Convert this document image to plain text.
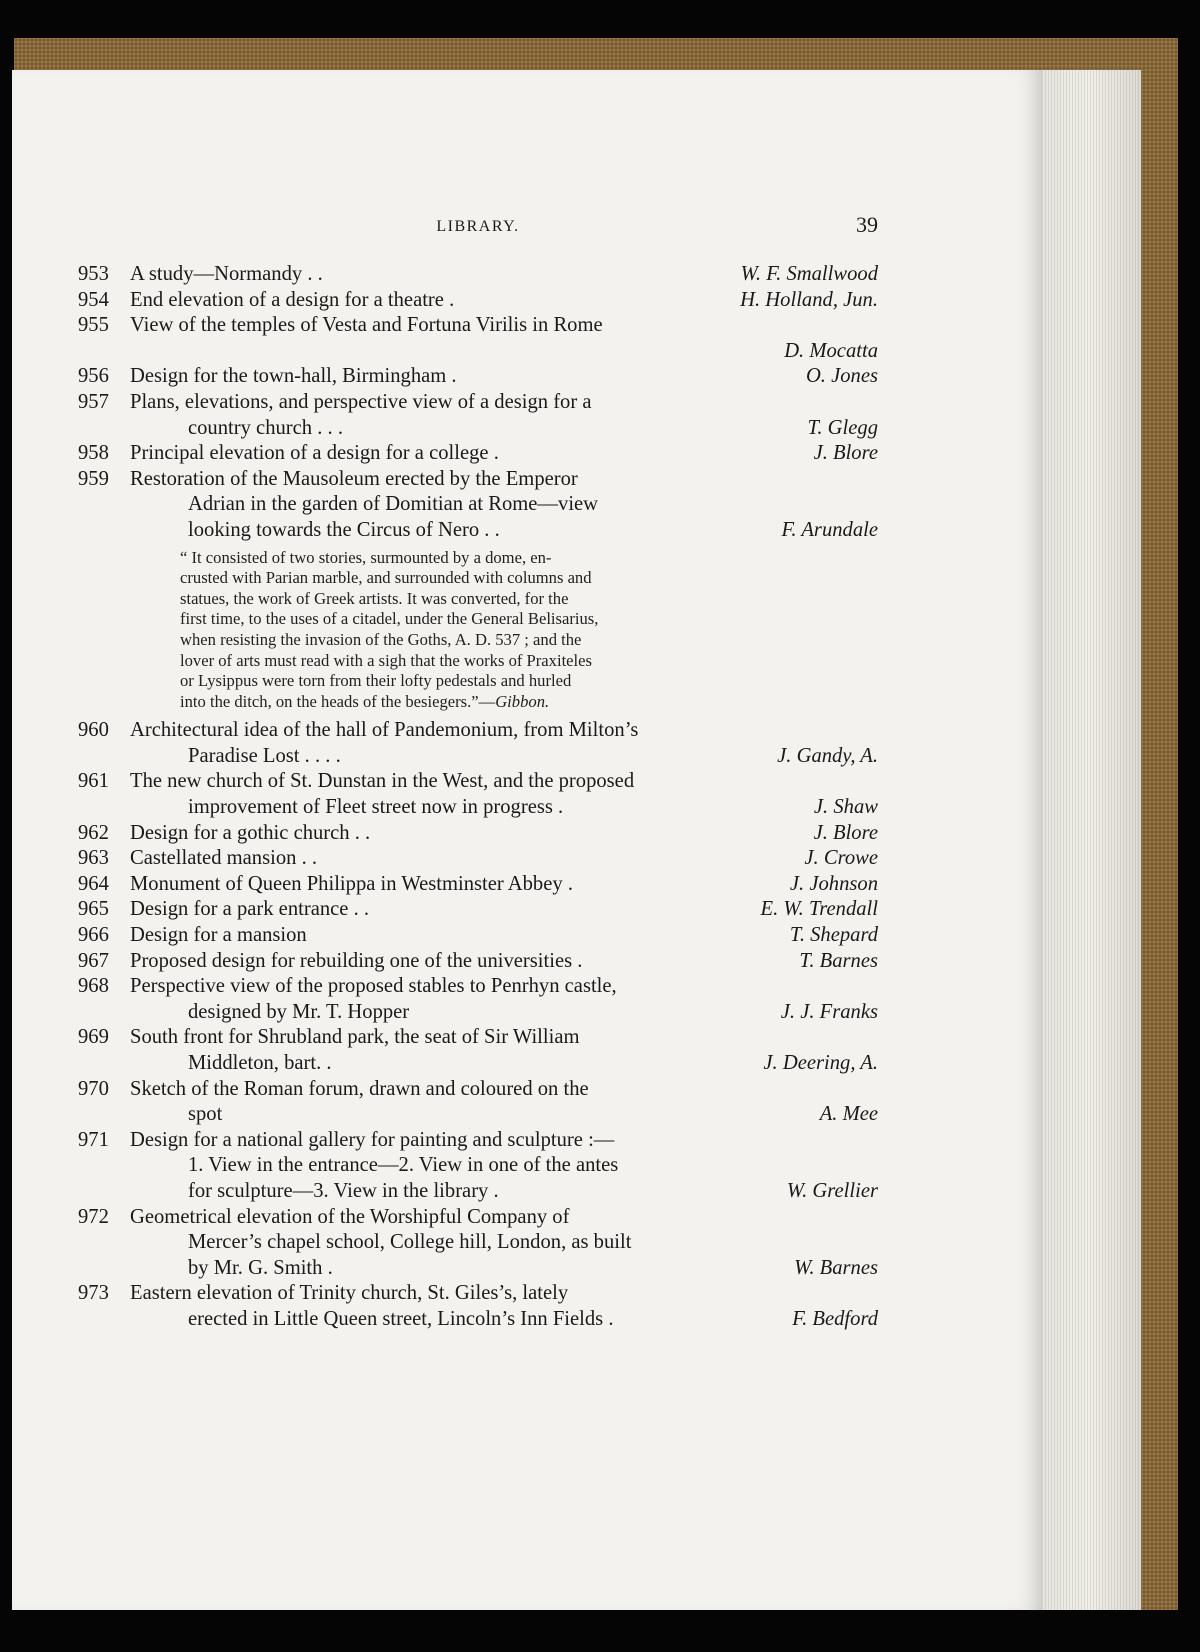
LIBRARY.	39
953	A study—Normandy . .	W. F. Smallwood
954	End elevation of a design for a theatre .	H. Holland, Jun.
955	View of the temples of Vesta and Fortuna Virilis in Rome
D. Mocatta
956	Design for the town-hall, Birmingham .	O. Jones
957	Plans, elevations, and perspective view of a design for a
country church . . .	T. Glegg
958	Principal elevation of a design for a college .	J. Blore
959	Restoration of the Mausoleum erected by the Emperor
Adrian in the garden of Domitian at Rome—view
looking towards the Circus of Nero . .	F. Arundale
“ It consisted of two stories, surmounted by a dome, en-
crusted with Parian marble, and surrounded with columns and
statues, the work of Greek artists. It was converted, for the
first time, to the uses of a citadel, under the General Belisarius,
when resisting the invasion of the Goths, A. D. 537 ; and the
lover of arts must read with a sigh that the works of Praxiteles
or Lysippus were torn from their lofty pedestals and hurled
into the ditch, on the heads of the besiegers.”—Gibbon.
960	Architectural idea of the hall of Pandemonium, from Milton’s
Paradise Lost . . . .	J. Gandy, A.
961	The new church of St. Dunstan in the West, and the proposed
improvement of Fleet street now in progress .	J. Shaw
962	Design for a gothic church . .	J. Blore
963	Castellated mansion . .	J. Crowe
964	Monument of Queen Philippa in Westminster Abbey .	J. Johnson
965	Design for a park entrance . .	E. W. Trendall
966	Design for a mansion	T. Shepard
967	Proposed design for rebuilding one of the universities .	T. Barnes
968	Perspective view of the proposed stables to Penrhyn castle,
designed by Mr. T. Hopper	J. J. Franks
969	South front for Shrubland park, the seat of Sir William
Middleton, bart. .	J. Deering, A.
970	Sketch of the Roman forum, drawn and coloured on the
spot	A. Mee
971	Design for a national gallery for painting and sculpture :—
1. View in the entrance—2. View in one of the antes
for sculpture—3. View in the library .	W. Grellier
972	Geometrical elevation of the Worshipful Company of
Mercer’s chapel school, College hill, London, as built
by Mr. G. Smith .	W. Barnes
973	Eastern elevation of Trinity church, St. Giles’s, lately
erected in Little Queen street, Lincoln’s Inn Fields .	F. Bedford
